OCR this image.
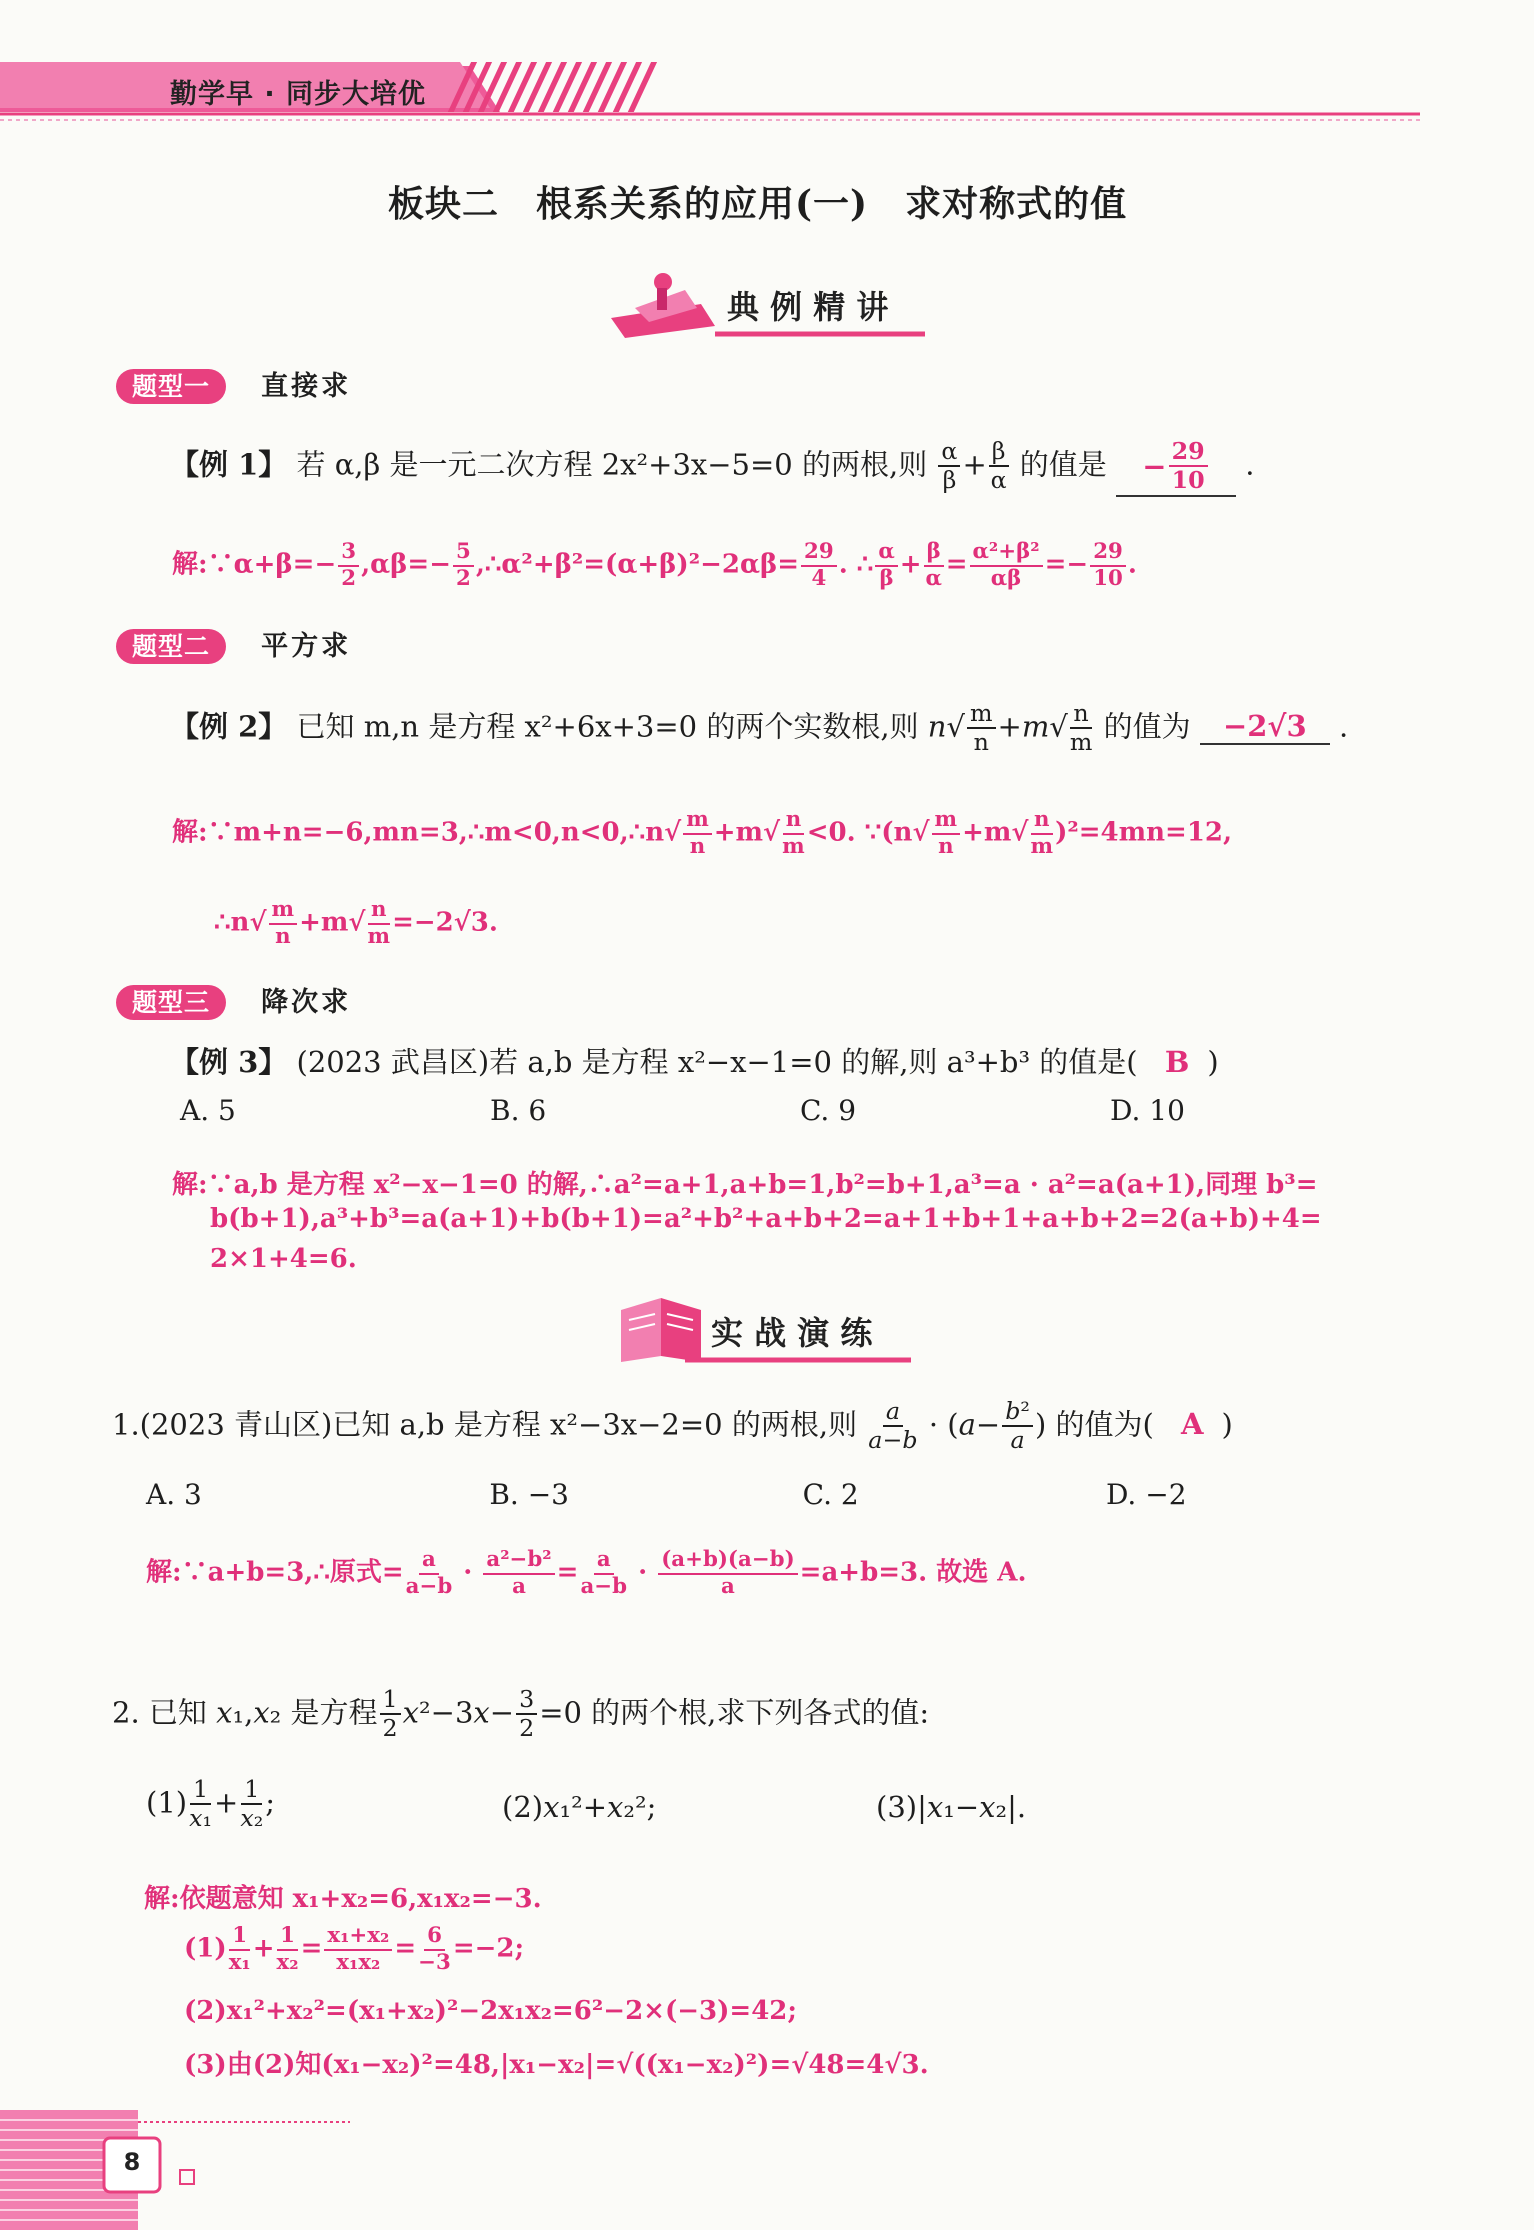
勤学早 · 同步大培优
板块二　根系关系的应用(一)　求对称式的值
典 例 精 讲
题型一 直接求
【例 1】 若 α,β 是一元二次方程 2x²+3x−5=0 的两根,则 $\frac{\alpha}{\beta} + \frac{\beta}{\alpha}$ 的值是 − $\frac{29}{10}$ .
解:∵α+β=− $\frac{3}{2} ,\alpha\beta=- \frac{5}{2}$ ,∴α²+β²=(α+β)²−2αβ= $\frac{29}{4}$ . ∴ $\frac{\alpha}{\beta} + \frac{\beta}{\alpha} = \frac{\text{α²+β²}}{\alpha\beta} =- \frac{29}{10}$ .
题型二 平方求
【例 2】 已知 m,n 是方程 x²+6x+3=0 的两个实数根,则 $n√ \frac{m}{n} +m√ \frac{n}{m}$ 的值为 −2√3 .
解:∵m+n=−6,mn=3,∴m<0,n<0,∴n√ $\frac{m}{n} +m√ \frac{n}{m} <0$. ∵(n√ $\frac{m}{n} +m√ \frac{n}{m} )^2=4mn=12$,
∴n√ $\frac{m}{n} +m√ \frac{n}{m} =-2√3$.
题型三 降次求
【例 3】 (2023 武昌区)若 a,b 是方程 x²−x−1=0 的解,则 a³+b³ 的值是( B )
A. 5	B. 6	C. 9	D. 10
解:∵a,b 是方程 x²−x−1=0 的解,∴a²=a+1,a+b=1,b²=b+1,a³=a · a²=a(a+1),同理 b³=
b(b+1),a³+b³=a(a+1)+b(b+1)=a²+b²+a+b+2=a+1+b+1+a+b+2=2(a+b)+4=
2×1+4=6.
实 战 演 练
1.(2023 青山区)已知 a,b 是方程 x²−3x−2=0 的两根,则 $\frac{a}{a-b} \cdot (a- \frac{\text{b²}}{a}$ ) 的值为( A )
A. 3	B. −3	C. 2	D. −2
解:∵a+b=3,∴原式= $\frac{a}{a-b} \cdot \frac{\text{a²−b²}}{a} = \frac{a}{a-b} \cdot \frac{(a+b)(a-b)}{a} =a+b=3$. 故选 A.
2. 已知 x₁,x₂ 是方程 $\frac{1}{2} x^2-3x- \frac{3}{2} =0$ 的两个根,求下列各式的值:
$(1) \frac{1}{\text{x₁}} + \frac{1}{\text{x₂}}$ ;	(2)x₁²+x₂²;	(3)|x₁−x₂|.
解:依题意知 x₁+x₂=6,x₁x₂=−3.
$(1) \frac{1}{\text{x₁}} + \frac{1}{\text{x₂}} = \frac{\text{x₁+x₂}}{\text{x₁x₂}} = \frac{6}{-3} =-2$;
(2)x₁²+x₂²=(x₁+x₂)²−2x₁x₂=6²−2×(−3)=42;
(3)由(2)知(x₁−x₂)²=48,|x₁−x₂|=√((x₁−x₂)²)=√48=4√3.
8
